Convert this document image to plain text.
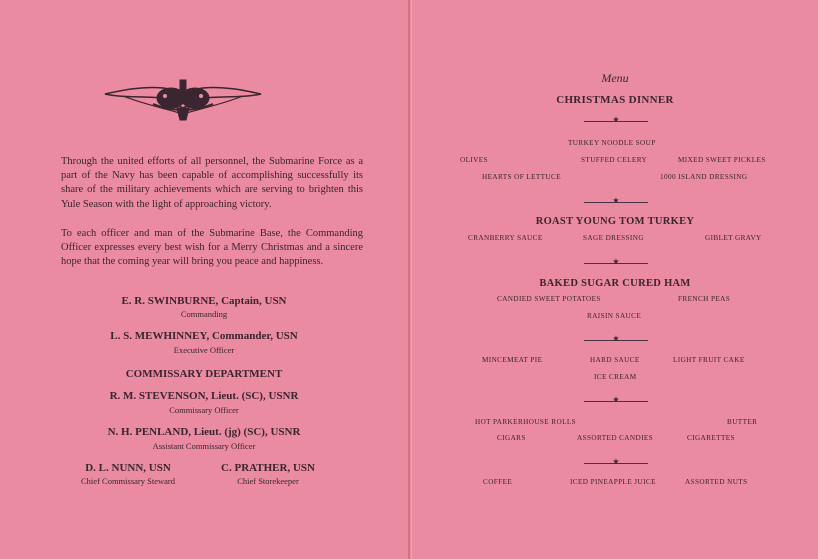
Through the united efforts of all personnel, the Submarine Force as a part of the Navy has been capable of accomplishing successfully its share of the military achievements which are serving to brighten this Yule Season with the light of approaching victory.

To each officer and man of the Submarine Base, the Commanding Officer expresses every best wish for a Merry Christmas and a sincere hope that the coming year will bring you peace and happiness.

E. R. SWINBURNE, Captain, USN
Commanding
L. S. MEWHINNEY, Commander, USN
Executive Officer
COMMISSARY DEPARTMENT
R. M. STEVENSON, Lieut. (SC), USNR
Commissary Officer
N. H. PENLAND, Lieut. (jg) (SC), USNR
Assistant Commissary Officer
D. L. NUNN, USN
Chief Commissary Steward
C. PRATHER, USN
Chief Storekeeper
Menu
CHRISTMAS DINNER
★
TURKEY NOODLE SOUP
OLIVES	STUFFED CELERY	MIXED SWEET PICKLES
HEARTS OF LETTUCE	1000 ISLAND DRESSING
★
ROAST YOUNG TOM TURKEY
CRANBERRY SAUCE	SAGE DRESSING	GIBLET GRAVY
★
BAKED SUGAR CURED HAM
CANDIED SWEET POTATOES	FRENCH PEAS
RAISIN SAUCE
★
MINCEMEAT PIE	HARD SAUCE	LIGHT FRUIT CAKE
ICE CREAM
★
HOT PARKERHOUSE ROLLS	BUTTER
CIGARS	ASSORTED CANDIES	CIGARETTES
★
COFFEE	ICED PINEAPPLE JUICE	ASSORTED NUTS
